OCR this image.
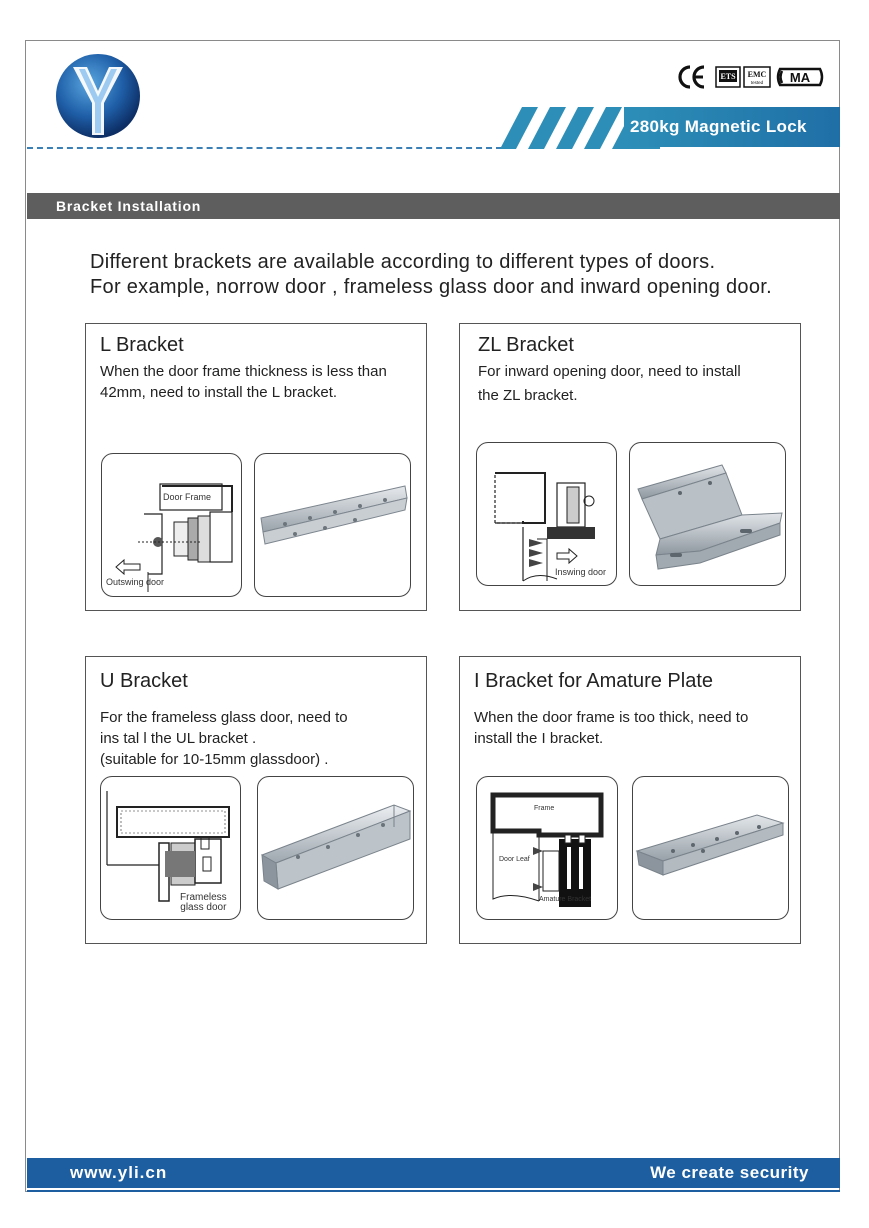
ETS EMC
tested MA
280kg Magnetic Lock
Bracket Installation
Different brackets are available according to different types of doors.
For example, norrow door , frameless glass door and inward opening door.
L Bracket
When the door frame thickness is less than
42mm, need to install the L bracket.
Door Frame
Outswing door
ZL Bracket
For inward opening door, need to install
the ZL bracket.
Inswing door
U Bracket
For the frameless glass door, need to
ins tal l the UL bracket .
(suitable for 10-15mm glassdoor) .
Frameless
glass door
I Bracket for Amature Plate
When the door frame is too thick, need to
install the I bracket.
Frame
Door Leaf
Amature Bracket
www.yli.cn	We create security
